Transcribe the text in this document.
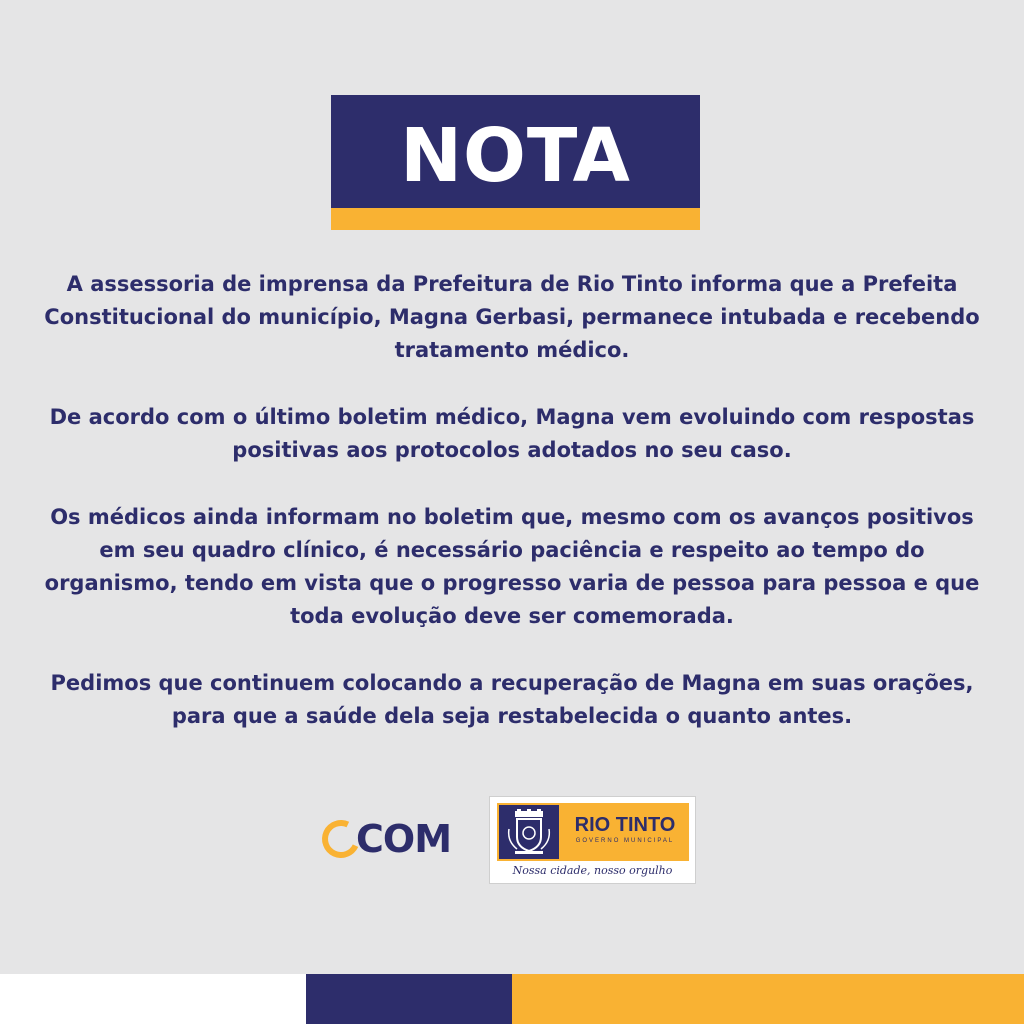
NOTA

A assessoria de imprensa da Prefeitura de Rio Tinto informa que a Prefeita Constitucional do município, Magna Gerbasi, permanece intubada e recebendo tratamento médico.

De acordo com o último boletim médico, Magna vem evoluindo com respostas positivas aos protocolos adotados no seu caso.

Os médicos ainda informam no boletim que, mesmo com os avanços positivos em seu quadro clínico, é necessário paciência e respeito ao tempo do organismo, tendo em vista que o progresso varia de pessoa para pessoa e que toda evolução deve ser comemorada.

Pedimos que continuem colocando a recuperação de Magna em suas orações, para que a saúde dela seja restabelecida o quanto antes.

COM	RIO TINTO
GOVERNO MUNICIPAL
Nossa cidade, nosso orgulho
